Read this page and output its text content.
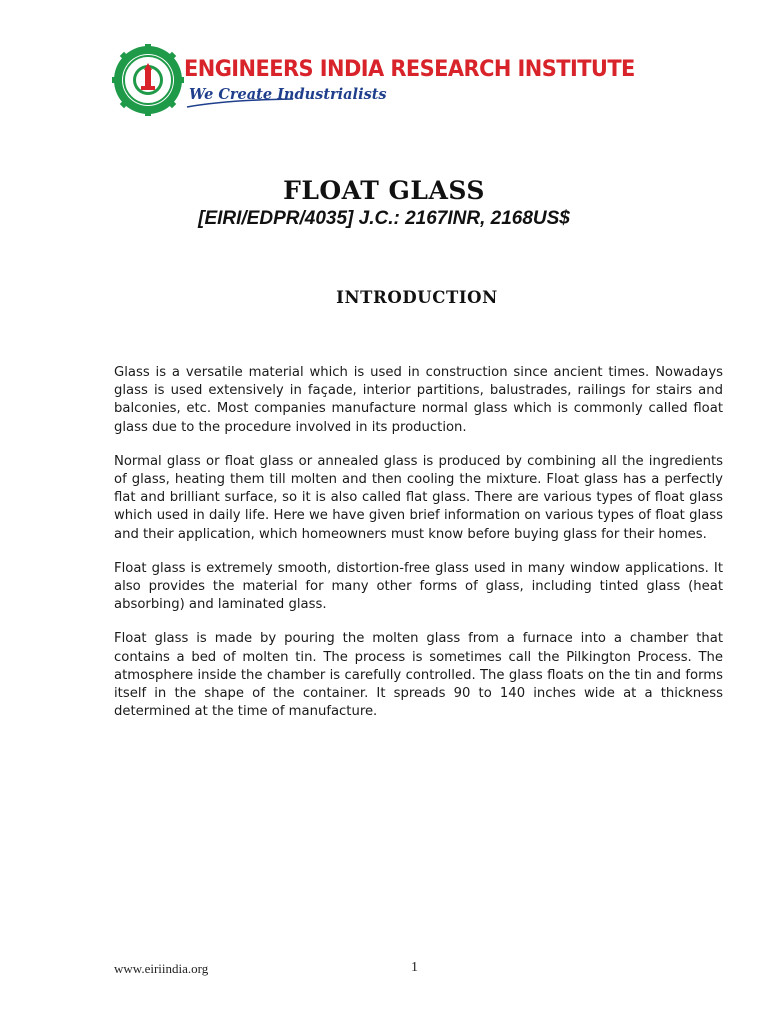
ENGINEERS INDIA RESEARCH INSTITUTE
We Create Industrialists
FLOAT GLASS
[EIRI/EDPR/4035] J.C.: 2167INR, 2168US$
INTRODUCTION

Glass is a versatile material which is used in construction since ancient times. Nowadays glass is used extensively in façade, interior partitions, balustrades, railings for stairs and balconies, etc. Most companies manufacture normal glass which is commonly called float glass due to the procedure involved in its production.

Normal glass or float glass or annealed glass is produced by combining all the ingredients of glass, heating them till molten and then cooling the mixture. Float glass has a perfectly flat and brilliant surface, so it is also called flat glass. There are various types of float glass which used in daily life. Here we have given brief information on various types of float glass and their application, which homeowners must know before buying glass for their homes.

Float glass is extremely smooth, distortion-free glass used in many window applications. It also provides the material for many other forms of glass, including tinted glass (heat absorbing) and laminated glass.

Float glass is made by pouring the molten glass from a furnace into a chamber that contains a bed of molten tin. The process is sometimes call the Pilkington Process. The atmosphere inside the chamber is carefully controlled. The glass floats on the tin and forms itself in the shape of the container. It spreads 90 to 140 inches wide at a thickness determined at the time of manufacture.

www.eiriindia.org	1
